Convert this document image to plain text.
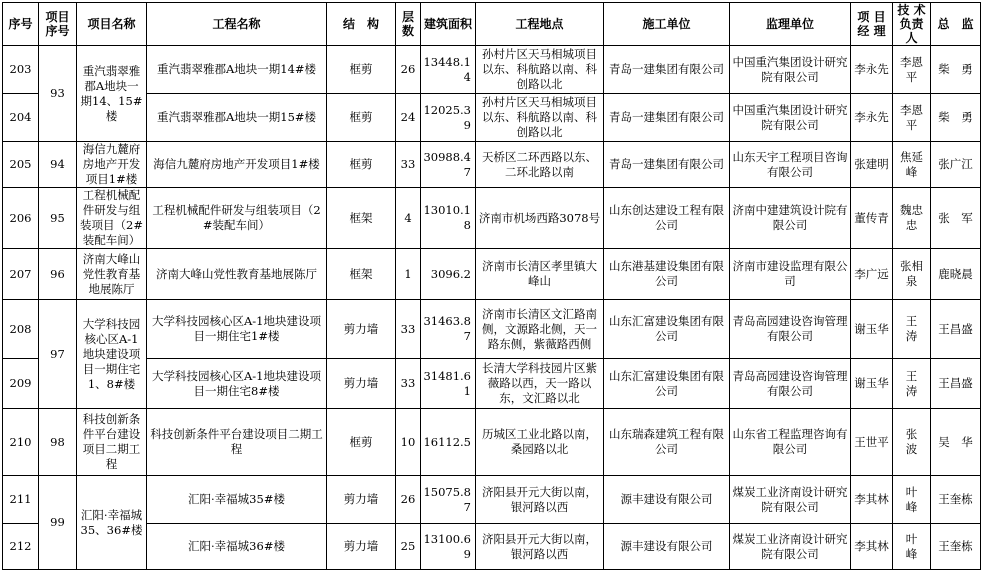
序号	项目序号	项目名称	工程名称	结　构	层数	建筑面积	工程地点	施工单位	监理单位	项 目经 理	技 术负责人	总　监
203	93	重汽翡翠雅郡A地块一期14、15#楼	重汽翡翠雅郡A地块一期14#楼	框剪	26	13448.14	孙村片区天马相城项目以东、科航路以南、科创路以北	青岛一建集团有限公司	中国重汽集团设计研究院有限公司	李永先	李恩平	柴　勇
204			重汽翡翠雅郡A地块一期15#楼	框剪	24	12025.39	孙村片区天马相城项目以东、科航路以南、科创路以北	青岛一建集团有限公司	中国重汽集团设计研究院有限公司	李永先	李恩平	柴　勇
205	94	海信九麓府房地产开发项目1#楼	海信九麓府房地产开发项目1#楼	框剪	33	30988.47	天桥区二环西路以东、二环北路以南	青岛一建集团有限公司	山东天宇工程项目咨询有限公司	张建明	焦延峰	张广江
206	95	工程机械配件研发与组装项目（2#装配车间）	工程机械配件研发与组装项目（2#装配车间）	框架	4	13010.18	济南市机场西路3078号	山东创达建设工程有限公司	济南中建建筑设计院有限公司	董传青	魏忠忠	张　军
207	96	济南大峰山党性教育基地展陈厅	济南大峰山党性教育基地展陈厅	框架	1	3096.2	济南市长清区孝里镇大峰山	山东港基建设集团有限公司	济南市建设监理有限公司	李广远	张相泉	鹿晓晨
208	97	大学科技园核心区A-1地块建设项目一期住宅1、8#楼	大学科技园核心区A-1地块建设项目一期住宅1#楼	剪力墙	33	31463.87	济南市长清区文汇路南侧，文源路北侧，天一路东侧，紫薇路西侧	山东汇富建设集团有限公司	青岛高园建设咨询管理有限公司	谢玉华	王　涛	王昌盛
209			大学科技园核心区A-1地块建设项目一期住宅8#楼	剪力墙	33	31481.61	长清大学科技园片区紫薇路以西，天一路以东，文汇路以北	山东汇富建设集团有限公司	青岛高园建设咨询管理有限公司	谢玉华	王　涛	王昌盛
210	98	科技创新条件平台建设项目二期工程	科技创新条件平台建设项目二期工程	框剪	10	16112.5	历城区工业北路以南，桑园路以北	山东瑞森建筑工程有限公司	山东省工程监理咨询有限公司	王世平	张　波	吴　华
211	99	汇阳·幸福城35、36#楼	汇阳·幸福城35#楼	剪力墙	26	15075.87	济阳县开元大街以南，银河路以西	源丰建设有限公司	煤炭工业济南设计研究院有限公司	李其林	叶　峰	王奎栋
212			汇阳·幸福城36#楼	剪力墙	25	13100.69	济阳县开元大街以南，银河路以西	源丰建设有限公司	煤炭工业济南设计研究院有限公司	李其林	叶　峰	王奎栋
